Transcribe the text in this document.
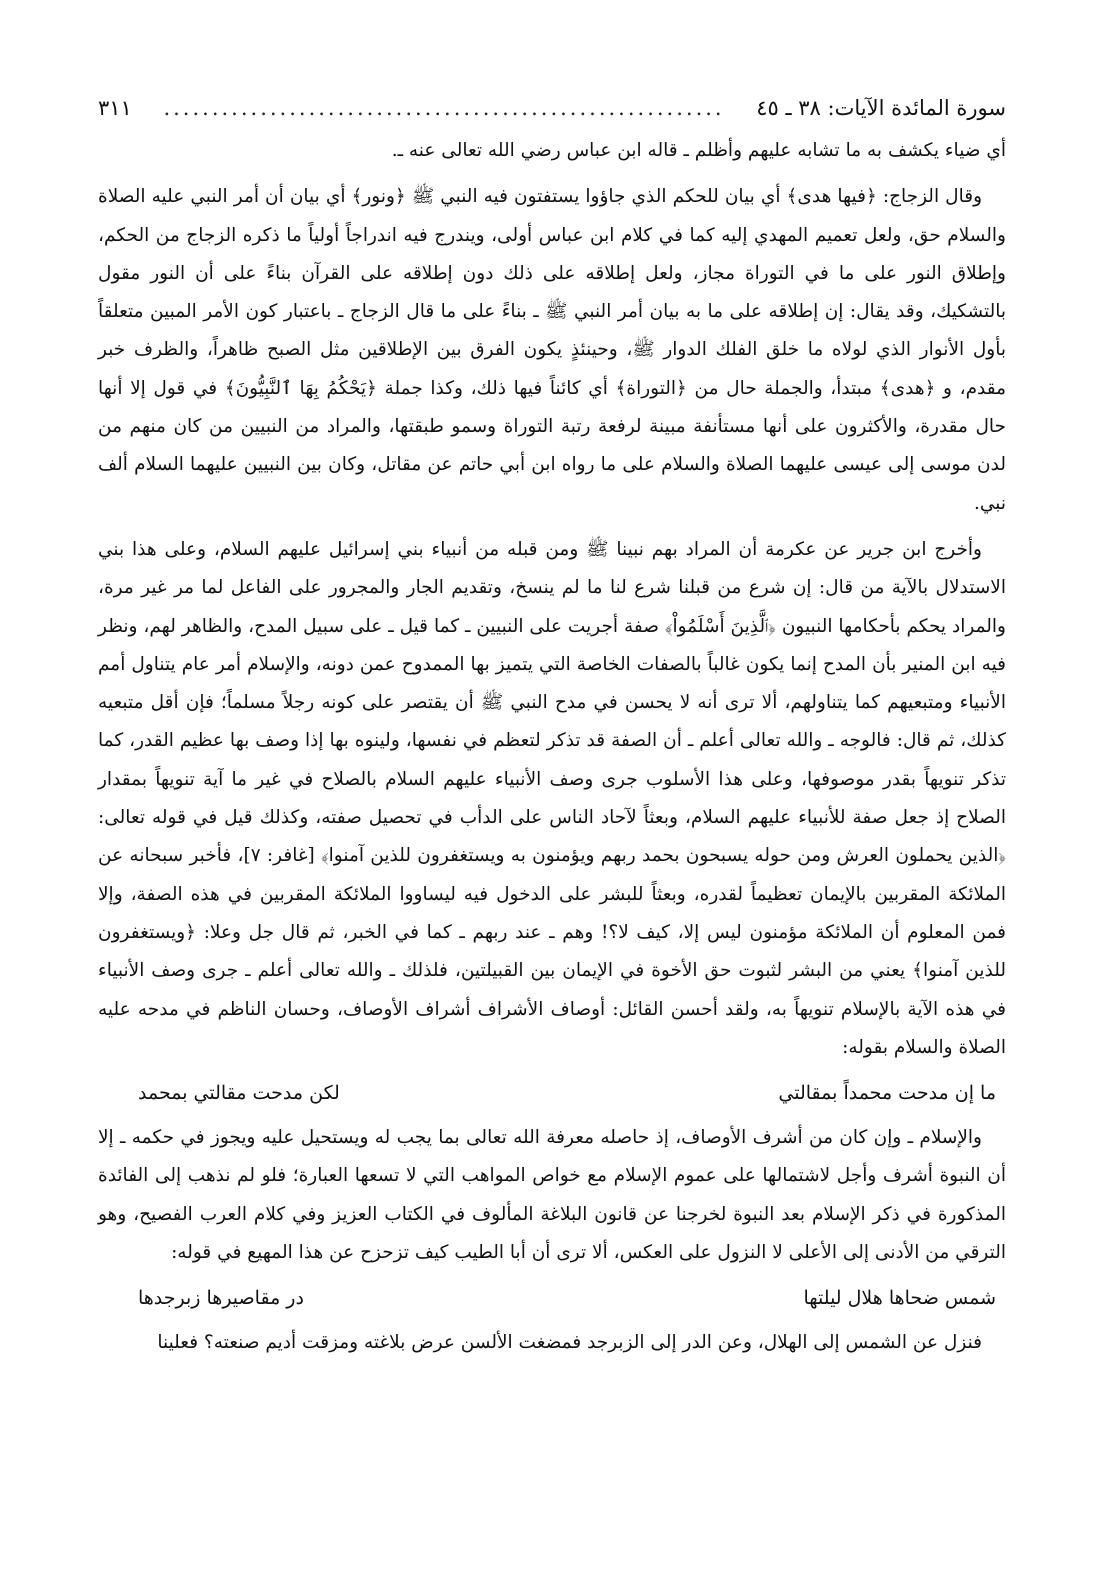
سورة المائدة الآيات: ٣٨ ـ ٤٥
..........................................................
٣١١

أي ضياء يكشف به ما تشابه عليهم وأظلم ـ قاله ابن عباس رضي الله تعالى عنه ـ.

وقال الزجاج: ﴿فيها هدى﴾ أي بيان للحكم الذي جاؤوا يستفتون فيه النبي ﷺ ﴿ونور﴾ أي بيان أن أمر النبي عليه الصلاة والسلام حق، ولعل تعميم المهدي إليه كما في كلام ابن عباس أولى، ويندرج فيه اندراجاً أولياً ما ذكره الزجاج من الحكم، وإطلاق النور على ما في التوراة مجاز، ولعل إطلاقه على ذلك دون إطلاقه على القرآن بناءً على أن النور مقول بالتشكيك، وقد يقال: إن إطلاقه على ما به بيان أمر النبي ﷺ ـ بناءً على ما قال الزجاج ـ باعتبار كون الأمر المبين متعلقاً بأول الأنوار الذي لولاه ما خلق الفلك الدوار ﷺ، وحينئذٍ يكون الفرق بين الإطلاقين مثل الصبح ظاهراً، والظرف خبر مقدم، و ﴿هدى﴾ مبتدأ، والجملة حال من ﴿التوراة﴾ أي كائناً فيها ذلك، وكذا جملة ﴿يَحْكُمُ بِهَا ٱلنَّبِيُّونَ﴾ في قول إلا أنها حال مقدرة، والأكثرون على أنها مستأنفة مبينة لرفعة رتبة التوراة وسمو طبقتها، والمراد من النبيين من كان منهم من لدن موسى إلى عيسى عليهما الصلاة والسلام على ما رواه ابن أبي حاتم عن مقاتل، وكان بين النبيين عليهما السلام ألف نبي.

وأخرج ابن جرير عن عكرمة أن المراد بهم نبينا ﷺ ومن قبله من أنبياء بني إسرائيل عليهم السلام، وعلى هذا بني الاستدلال بالآية من قال: إن شرع من قبلنا شرع لنا ما لم ينسخ، وتقديم الجار والمجرور على الفاعل لما مر غير مرة، والمراد يحكم بأحكامها النبيون ﴿ٱلَّذِينَ أَسْلَمُواْ﴾ صفة أجريت على النبيين ـ كما قيل ـ على سبيل المدح، والظاهر لهم، ونظر فيه ابن المنير بأن المدح إنما يكون غالباً بالصفات الخاصة التي يتميز بها الممدوح عمن دونه، والإسلام أمر عام يتناول أمم الأنبياء ومتبعيهم كما يتناولهم، ألا ترى أنه لا يحسن في مدح النبي ﷺ أن يقتصر على كونه رجلاً مسلماً؛ فإن أقل متبعيه كذلك، ثم قال: فالوجه ـ والله تعالى أعلم ـ أن الصفة قد تذكر لتعظم في نفسها، ولينوه بها إذا وصف بها عظيم القدر، كما تذكر تنويهاً بقدر موصوفها، وعلى هذا الأسلوب جرى وصف الأنبياء عليهم السلام بالصلاح في غير ما آية تنويهاً بمقدار الصلاح إذ جعل صفة للأنبياء عليهم السلام، وبعثاً لآحاد الناس على الدأب في تحصيل صفته، وكذلك قيل في قوله تعالى: ﴿الذين يحملون العرش ومن حوله يسبحون بحمد ربهم ويؤمنون به ويستغفرون للذين آمنوا﴾ [غافر: ٧]، فأخبر سبحانه عن الملائكة المقربين بالإيمان تعظيماً لقدره، وبعثاً للبشر على الدخول فيه ليساووا الملائكة المقربين في هذه الصفة، وإلا فمن المعلوم أن الملائكة مؤمنون ليس إلا، كيف لا؟! وهم ـ عند ربهم ـ كما في الخبر، ثم قال جل وعلا: ﴿ويستغفرون للذين آمنوا﴾ يعني من البشر لثبوت حق الأخوة في الإيمان بين القبيلتين، فلذلك ـ والله تعالى أعلم ـ جرى وصف الأنبياء في هذه الآية بالإسلام تنويهاً به، ولقد أحسن القائل: أوصاف الأشراف أشراف الأوصاف، وحسان الناظم في مدحه عليه الصلاة والسلام بقوله:

ما إن مدحت محمداً بمقالتي
لكن مدحت مقالتي بمحمد

والإسلام ـ وإن كان من أشرف الأوصاف، إذ حاصله معرفة الله تعالى بما يجب له ويستحيل عليه ويجوز في حكمه ـ إلا أن النبوة أشرف وأجل لاشتمالها على عموم الإسلام مع خواص المواهب التي لا تسعها العبارة؛ فلو لم نذهب إلى الفائدة المذكورة في ذكر الإسلام بعد النبوة لخرجنا عن قانون البلاغة المألوف في الكتاب العزيز وفي كلام العرب الفصيح، وهو الترقي من الأدنى إلى الأعلى لا النزول على العكس، ألا ترى أن أبا الطيب كيف تزحزح عن هذا المهيع في قوله:

شمس ضحاها هلال ليلتها
در مقاصيرها زبرجدها

فنزل عن الشمس إلى الهلال، وعن الدر إلى الزبرجد فمضغت الألسن عرض بلاغته ومزقت أديم صنعته؟ فعلينا
